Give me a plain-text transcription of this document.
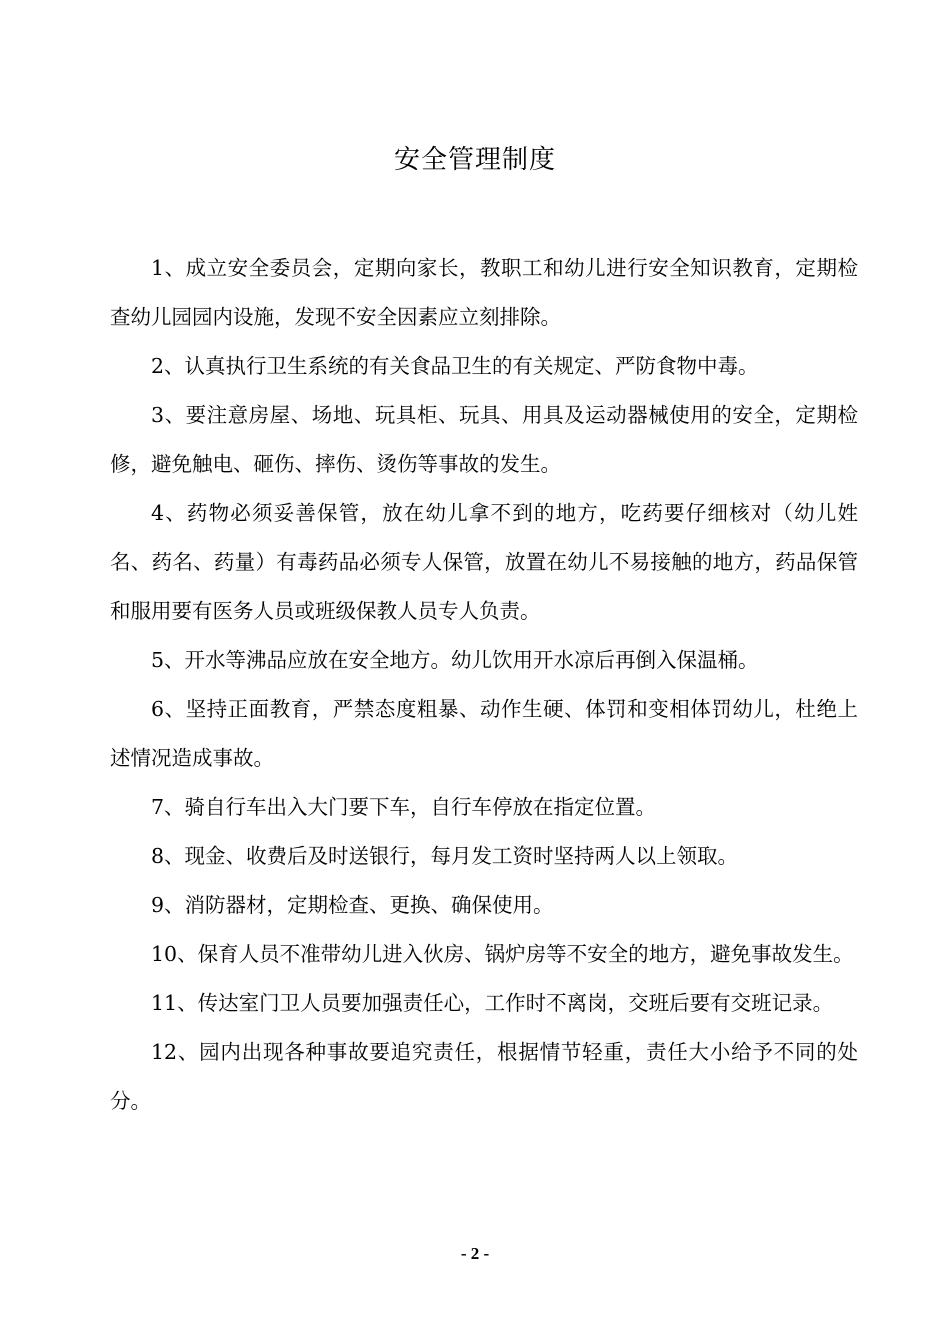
安全管理制度

1、成立安全委员会，定期向家长，教职工和幼儿进行安全知识教育，定期检查幼儿园园内设施，发现不安全因素应立刻排除。

2、认真执行卫生系统的有关食品卫生的有关规定、严防食物中毒。

3、要注意房屋、场地、玩具柜、玩具、用具及运动器械使用的安全，定期检修，避免触电、砸伤、摔伤、烫伤等事故的发生。

4、药物必须妥善保管，放在幼儿拿不到的地方，吃药要仔细核对（幼儿姓名、药名、药量）有毒药品必须专人保管，放置在幼儿不易接触的地方，药品保管和服用要有医务人员或班级保教人员专人负责。

5、开水等沸品应放在安全地方。幼儿饮用开水凉后再倒入保温桶。

6、坚持正面教育，严禁态度粗暴、动作生硬、体罚和变相体罚幼儿，杜绝上述情况造成事故。

7、骑自行车出入大门要下车，自行车停放在指定位置。

8、现金、收费后及时送银行，每月发工资时坚持两人以上领取。

9、消防器材，定期检查、更换、确保使用。

10、保育人员不准带幼儿进入伙房、锅炉房等不安全的地方，避免事故发生。

11、传达室门卫人员要加强责任心，工作时不离岗，交班后要有交班记录。

12、园内出现各种事故要追究责任，根据情节轻重，责任大小给予不同的处分。

- 2 -
